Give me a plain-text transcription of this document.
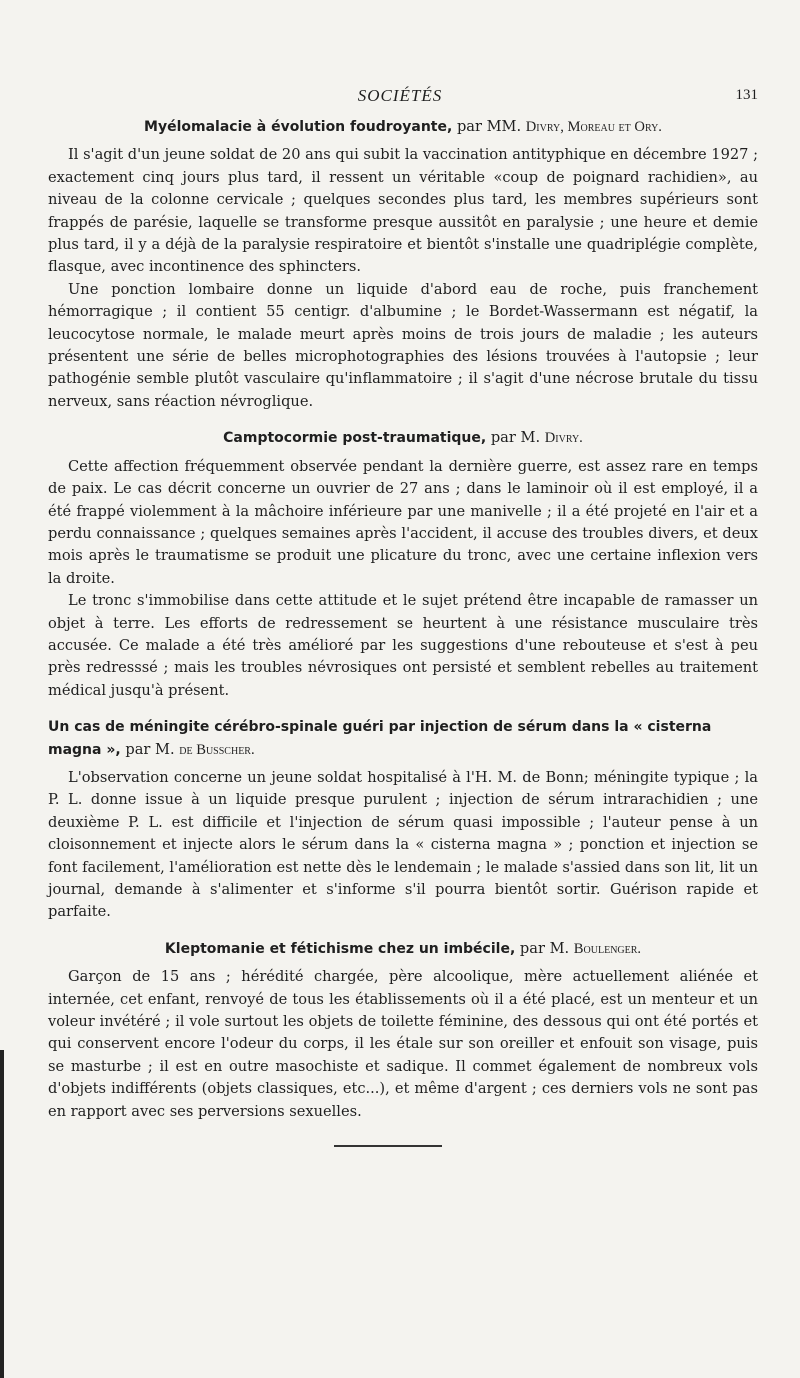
SOCIÉTÉS	131
Myélomalacie à évolution foudroyante, par MM. Divry, Moreau et Ory.

Il s'agit d'un jeune soldat de 20 ans qui subit la vaccination antityphique en décembre 1927 ; exactement cinq jours plus tard, il ressent un véritable «coup de poignard rachidien», au niveau de la colonne cervicale ; quelques secondes plus tard, les membres supérieurs sont frappés de parésie, laquelle se transforme presque aussitôt en paralysie ; une heure et demie plus tard, il y a déjà de la paralysie respiratoire et bientôt s'installe une quadriplégie complète, flasque, avec incontinence des sphincters.

Une ponction lombaire donne un liquide d'abord eau de roche, puis franchement hémorragique ; il contient 55 centigr. d'albumine ; le Bordet-Wassermann est négatif, la leucocytose normale, le malade meurt après moins de trois jours de maladie ; les auteurs présentent une série de belles microphotographies des lésions trouvées à l'autopsie ; leur pathogénie semble plutôt vasculaire qu'inflammatoire ; il s'agit d'une nécrose brutale du tissu nerveux, sans réaction névroglique.

Camptocormie post-traumatique, par M. Divry.

Cette affection fréquemment observée pendant la dernière guerre, est assez rare en temps de paix. Le cas décrit concerne un ouvrier de 27 ans ; dans le laminoir où il est employé, il a été frappé violemment à la mâchoire inférieure par une manivelle ; il a été projeté en l'air et a perdu connaissance ; quelques semaines après l'accident, il accuse des troubles divers, et deux mois après le traumatisme se produit une plicature du tronc, avec une certaine inflexion vers la droite.

Le tronc s'immobilise dans cette attitude et le sujet prétend être incapable de ramasser un objet à terre. Les efforts de redressement se heurtent à une résistance musculaire très accusée. Ce malade a été très amélioré par les suggestions d'une rebouteuse et s'est à peu près redresssé ; mais les troubles névrosiques ont persisté et semblent rebelles au traitement médical jusqu'à présent.

Un cas de méningite cérébro-spinale guéri par injection de sérum dans la « cisterna magna », par M. de Busscher.

L'observation concerne un jeune soldat hospitalisé à l'H. M. de Bonn; méningite typique ; la P. L. donne issue à un liquide presque purulent ; injection de sérum intrarachidien ; une deuxième P. L. est difficile et l'injection de sérum quasi impossible ; l'auteur pense à un cloisonnement et injecte alors le sérum dans la « cisterna magna » ; ponction et injection se font facilement, l'amélioration est nette dès le lendemain ; le malade s'assied dans son lit, lit un journal, demande à s'alimenter et s'informe s'il pourra bientôt sortir. Guérison rapide et parfaite.

Kleptomanie et fétichisme chez un imbécile, par M. Boulenger.

Garçon de 15 ans ; hérédité chargée, père alcoolique, mère actuellement aliénée et internée, cet enfant, renvoyé de tous les établissements où il a été placé, est un menteur et un voleur invétéré ; il vole surtout les objets de toilette féminine, des dessous qui ont été portés et qui conservent encore l'odeur du corps, il les étale sur son oreiller et enfouit son visage, puis se masturbe ; il est en outre masochiste et sadique. Il commet également de nombreux vols d'objets indifférents (objets classiques, etc...), et même d'argent ; ces derniers vols ne sont pas en rapport avec ses perversions sexuelles.
